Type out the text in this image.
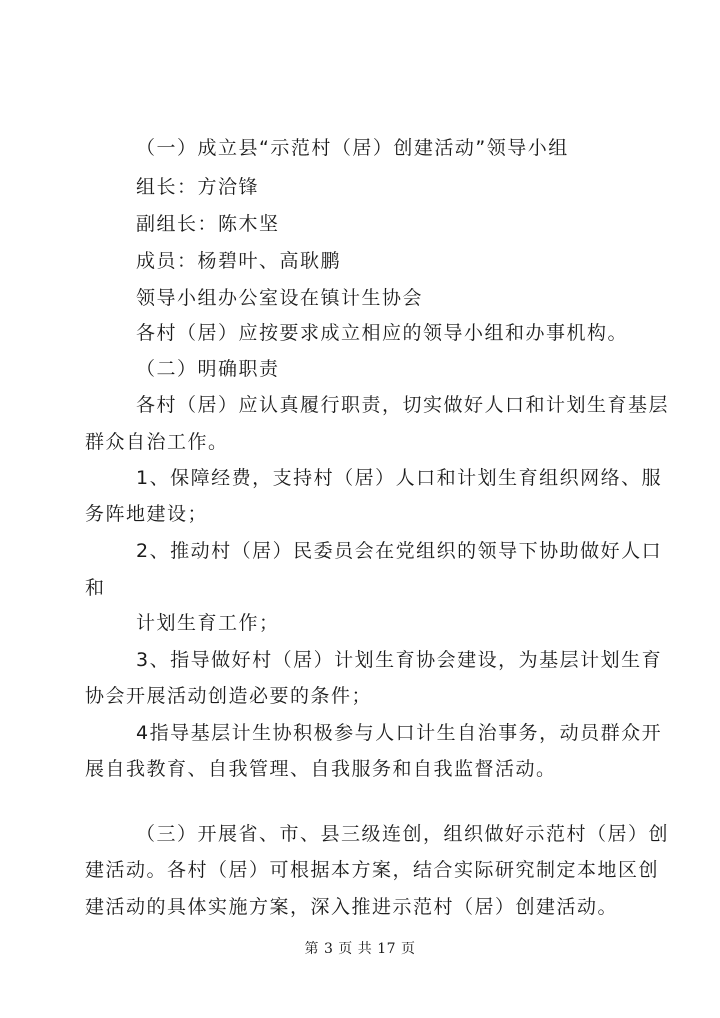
（一）成立县“示范村（居）创建活动”领导小组
组长：方洽锋
副组长：陈木坚
成员：杨碧叶、高耿鹏
领导小组办公室设在镇计生协会
各村（居）应按要求成立相应的领导小组和办事机构。
（二）明确职责
各村（居）应认真履行职责，切实做好人口和计划生育基层
群众自治工作。
1、保障经费，支持村（居）人口和计划生育组织网络、服
务阵地建设；
2、推动村（居）民委员会在党组织的领导下协助做好人口
和
计划生育工作；
3、指导做好村（居）计划生育协会建设，为基层计划生育
协会开展活动创造必要的条件；
4指导基层计生协积极参与人口计生自治事务，动员群众开
展自我教育、自我管理、自我服务和自我监督活动。
（三）开展省、市、县三级连创，组织做好示范村（居）创
建活动。各村（居）可根据本方案，结合实际研究制定本地区创
建活动的具体实施方案，深入推进示范村（居）创建活动。
第 3 页 共 17 页
